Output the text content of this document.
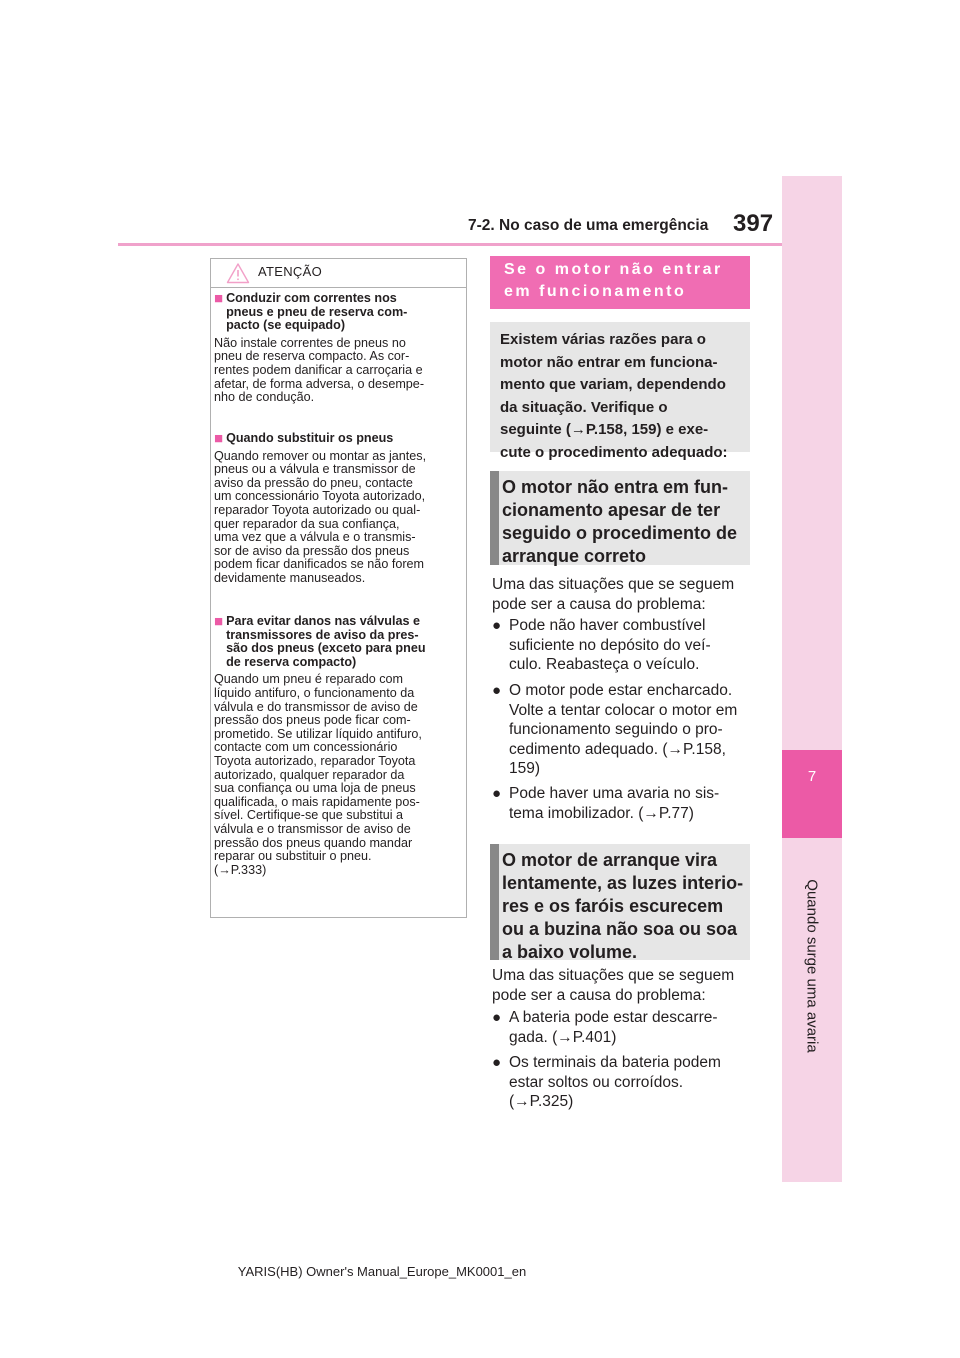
7-2. No caso de uma emergência 397
7
Quando surge uma avaria
ATENÇÃO
■ Conduzir com correntes nos
pneus e pneu de reserva com-
pacto (se equipado)
Não instale correntes de pneus no
pneu de reserva compacto. As cor-
rentes podem danificar a carroçaria e
afetar, de forma adversa, o desempe-
nho de condução.
■ Quando substituir os pneus
Quando remover ou montar as jantes,
pneus ou a válvula e transmissor de
aviso da pressão do pneu, contacte
um concessionário Toyota autorizado,
reparador Toyota autorizado ou qual-
quer reparador da sua confiança,
uma vez que a válvula e o transmis-
sor de aviso da pressão dos pneus
podem ficar danificados se não forem
devidamente manuseados.
■ Para evitar danos nas válvulas e
transmissores de aviso da pres-
são dos pneus (exceto para pneu
de reserva compacto)
Quando um pneu é reparado com
líquido antifuro, o funcionamento da
válvula e do transmissor de aviso de
pressão dos pneus pode ficar com-
prometido. Se utilizar líquido antifuro,
contacte com um concessionário
Toyota autorizado, reparador Toyota
autorizado, qualquer reparador da
sua confiança ou uma loja de pneus
qualificada, o mais rapidamente pos-
sível. Certifique-se que substitui a
válvula e o transmissor de aviso de
pressão dos pneus quando mandar
reparar ou substituir o pneu.
(→P.333)
Se o motor não entrar
em funcionamento
Existem várias razões para o
motor não entrar em funciona-
mento que variam, dependendo
da situação. Verifique o
seguinte (→P.158, 159) e exe-
cute o procedimento adequado:
O motor não entra em fun-
cionamento apesar de ter
seguido o procedimento de
arranque correto
Uma das situações que se seguem
pode ser a causa do problema:
● Pode não haver combustível
suficiente no depósito do veí-
culo. Reabasteça o veículo.
● O motor pode estar encharcado.
Volte a tentar colocar o motor em
funcionamento seguindo o pro-
cedimento adequado. (→P.158,
159)
● Pode haver uma avaria no sis-
tema imobilizador. (→P.77)
O motor de arranque vira
lentamente, as luzes interio-
res e os faróis escurecem
ou a buzina não soa ou soa
a baixo volume.
Uma das situações que se seguem
pode ser a causa do problema:
● A bateria pode estar descarre-
gada. (→P.401)
● Os terminais da bateria podem
estar soltos ou corroídos.
(→P.325)
YARIS(HB) Owner's Manual_Europe_MK0001_en
